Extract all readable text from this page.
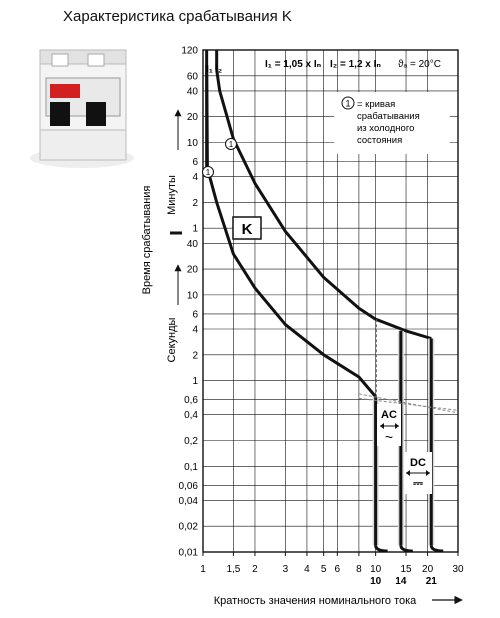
Характеристика срабатывания K
1 1,5 2 3 4 5 6 8 10 15 20 30
10 14 21
120
60
40
20
10
6
4
2
1
40
20
10
6
4
2
1
0,6
0,4
0,2
0,1
0,06
0,04
0,02
0,01
Минуты
Секунды
Время срабатывания
Кратность значения номинального тока
I₁ = 1,05 x Iₙ I₂ = 1,2 x Iₙ ϑₐ = 20°C
1 = кривая
срабатывания
из холодного
состояния
K
I₁ I₂
1
1
AC
~
DC
⎓
